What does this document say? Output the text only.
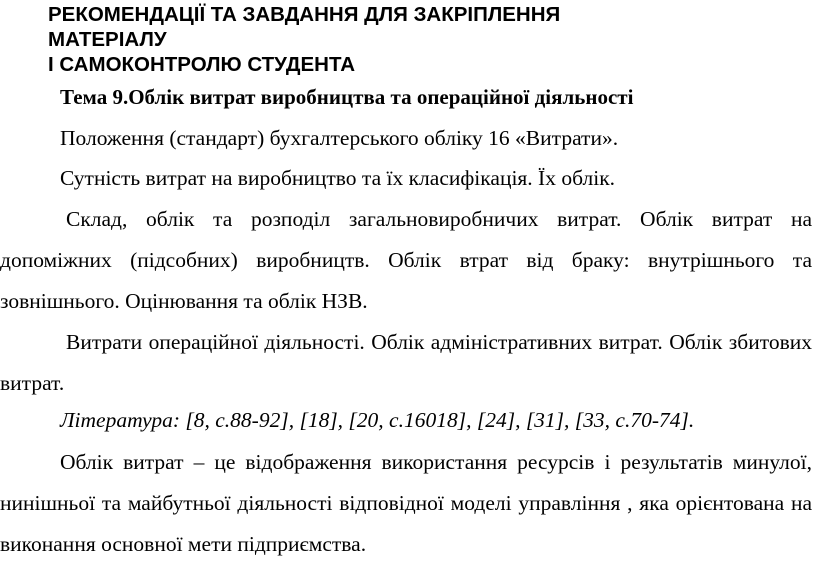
РЕКОМЕНДАЦІЇ ТА ЗАВДАННЯ ДЛЯ ЗАКРІПЛЕННЯ
МАТЕРІАЛУ
І САМОКОНТРОЛЮ СТУДЕНТА

Тема 9.Облік витрат виробництва та операційної діяльності

Положення (стандарт) бухгалтерського обліку 16 «Витрати».

Сутність витрат на виробництво та їх класифікація. Їх облік.

Склад, облік та розподіл загальновиробничих витрат. Облік витрат на допоміжних (підсобних) виробництв. Облік втрат від браку: внутрішнього та зовнішнього. Оцінювання та облік НЗВ.

Витрати операційної діяльності. Облік адміністративних витрат. Облік збитових витрат.

Література: [8, с.88-92], [18], [20, с.16018], [24], [31], [33, с.70-74].

Облік витрат – це відображення використання ресурсів і результатів минулої, нинішньої та майбутньої діяльності відповідної моделі управління , яка орієнтована на виконання основної мети підприємства.
